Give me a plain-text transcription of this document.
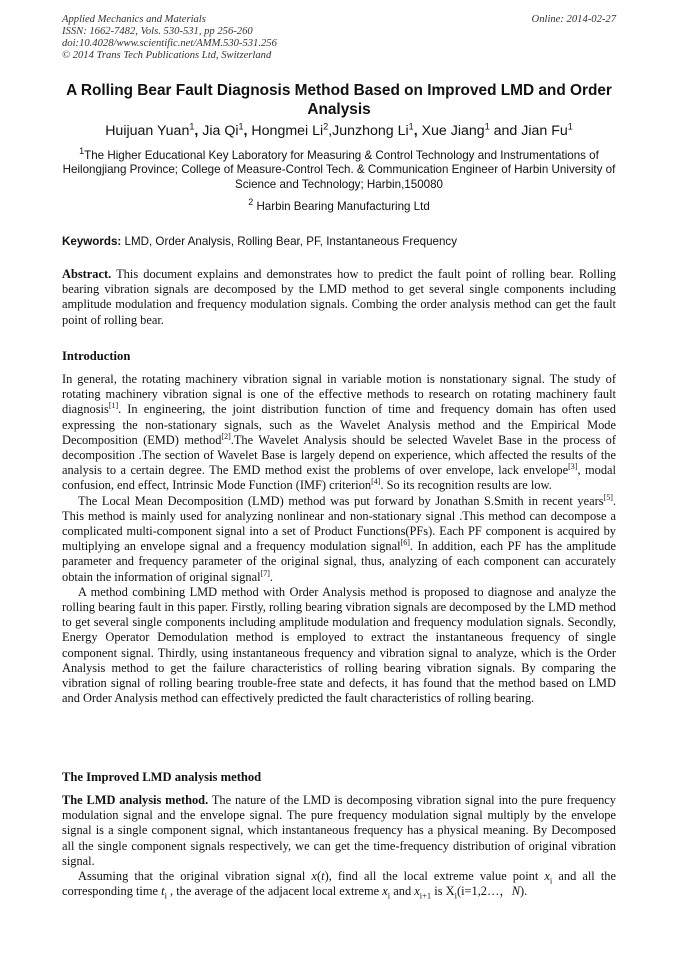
Applied Mechanics and Materials
ISSN: 1662-7482, Vols. 530-531, pp 256-260
doi:10.4028/www.scientific.net/AMM.530-531.256
© 2014 Trans Tech Publications Ltd, Switzerland
Online: 2014-02-27
A Rolling Bear Fault Diagnosis Method Based on Improved LMD and Order Analysis
Huijuan Yuan$^1$, Jia Qi$^1$, Hongmei Li$^2$,Junzhong Li$^1$, Xue Jiang$^1$ and Jian Fu$^1$
$^1$The Higher Educational Key Laboratory for Measuring & Control Technology and Instrumentations of Heilongjiang Province; College of Measure-Control Tech. & Communication Engineer of Harbin University of Science and Technology; Harbin,150080
$^2$ Harbin Bearing Manufacturing Ltd
Keywords: LMD, Order Analysis, Rolling Bear, PF, Instantaneous Frequency

Abstract. This document explains and demonstrates how to predict the fault point of rolling bear. Rolling bearing vibration signals are decomposed by the LMD method to get several single components including amplitude modulation and frequency modulation signals. Combing the order analysis method can get the fault point of rolling bear.

Introduction

In general, the rotating machinery vibration signal in variable motion is nonstationary signal. The study of rotating machinery vibration signal is one of the effective methods to research on rotating machinery fault diagnosis[1]. In engineering, the joint distribution function of time and frequency domain has often used expressing the non-stationary signals, such as the Wavelet Analysis method and the Empirical Mode Decomposition (EMD) method[2].The Wavelet Analysis should be selected Wavelet Base in the process of decomposition .The section of Wavelet Base is largely depend on experience, which affected the results of the analysis to a certain degree. The EMD method exist the problems of over envelope, lack envelope[3], modal confusion, end effect, Intrinsic Mode Function (IMF) criterion[4]. So its recognition results are low.

The Local Mean Decomposition (LMD) method was put forward by Jonathan S.Smith in recent years[5]. This method is mainly used for analyzing nonlinear and non-stationary signal .This method can decompose a complicated multi-component signal into a set of Product Functions(PFs). Each PF component is acquired by multiplying an envelope signal and a frequency modulation signal[6]. In addition, each PF has the amplitude parameter and frequency parameter of the original signal, thus, analyzing of each component can accurately obtain the information of original signal[7].

A method combining LMD method with Order Analysis method is proposed to diagnose and analyze the rolling bearing fault in this paper. Firstly, rolling bearing vibration signals are decomposed by the LMD method to get several single components including amplitude modulation and frequency modulation signals. Secondly, Energy Operator Demodulation method is employed to extract the instantaneous frequency of single component signal. Thirdly, using instantaneous frequency and vibration signal to analyze, which is the Order Analysis method to get the failure characteristics of rolling bearing vibration signals. By comparing the vibration signal of rolling bearing trouble-free state and defects, it has found that the method based on LMD and Order Analysis method can effectively predicted the fault characteristics of rolling bearing.

The Improved LMD analysis method

The LMD analysis method. The nature of the LMD is decomposing vibration signal into the pure frequency modulation signal and the envelope signal. The pure frequency modulation signal multiply by the envelope signal is a single component signal, which instantaneous frequency has a physical meaning. By Decomposed all the single component signals respectively, we can get the time-frequency distribution of original vibration signal.

Assuming that the original vibration signal x(t), find all the local extreme value point $x_i$ and all the corresponding time $t_i$ , the average of the adjacent local extreme $x_i$ and $x_{i+1}$ is $X_i(i=1,2\dots$，N).
